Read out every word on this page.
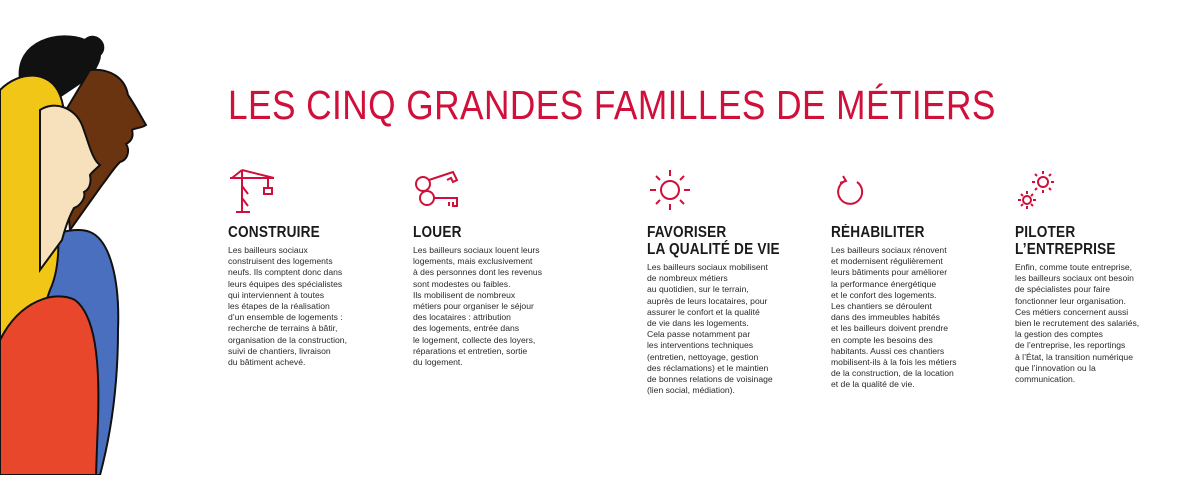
LES CINQ GRANDES FAMILLES DE MÉTIERS

CONSTRUIRE

Les bailleurs sociaux
construisent des logements
neufs. Ils comptent donc dans
leurs équipes des spécialistes
qui interviennent à toutes
les étapes de la réalisation
d’un ensemble de logements :
recherche de terrains à bâtir,
organisation de la construction,
suivi de chantiers, livraison
du bâtiment achevé.

LOUER

Les bailleurs sociaux louent leurs
logements, mais exclusivement
à des personnes dont les revenus
sont modestes ou faibles.
Ils mobilisent de nombreux
métiers pour organiser le séjour
des locataires : attribution
des logements, entrée dans
le logement, collecte des loyers,
réparations et entretien, sortie
du logement.

FAVORISER
LA QUALITÉ DE VIE

Les bailleurs sociaux mobilisent
de nombreux métiers
au quotidien, sur le terrain,
auprès de leurs locataires, pour
assurer le confort et la qualité
de vie dans les logements.
Cela passe notamment par
les interventions techniques
(entretien, nettoyage, gestion
des réclamations) et le maintien
de bonnes relations de voisinage
(lien social, médiation).

RÉHABILITER

Les bailleurs sociaux rénovent
et modernisent régulièrement
leurs bâtiments pour améliorer
la performance énergétique
et le confort des logements.
Les chantiers se déroulent
dans des immeubles habités
et les bailleurs doivent prendre
en compte les besoins des
habitants. Aussi ces chantiers
mobilisent-ils à la fois les métiers
de la construction, de la location
et de la qualité de vie.

PILOTER
L’ENTREPRISE

Enfin, comme toute entreprise,
les bailleurs sociaux ont besoin
de spécialistes pour faire
fonctionner leur organisation.
Ces métiers concernent aussi
bien le recrutement des salariés,
la gestion des comptes
de l’entreprise, les reportings
à l’État, la transition numérique
que l’innovation ou la
communication.
